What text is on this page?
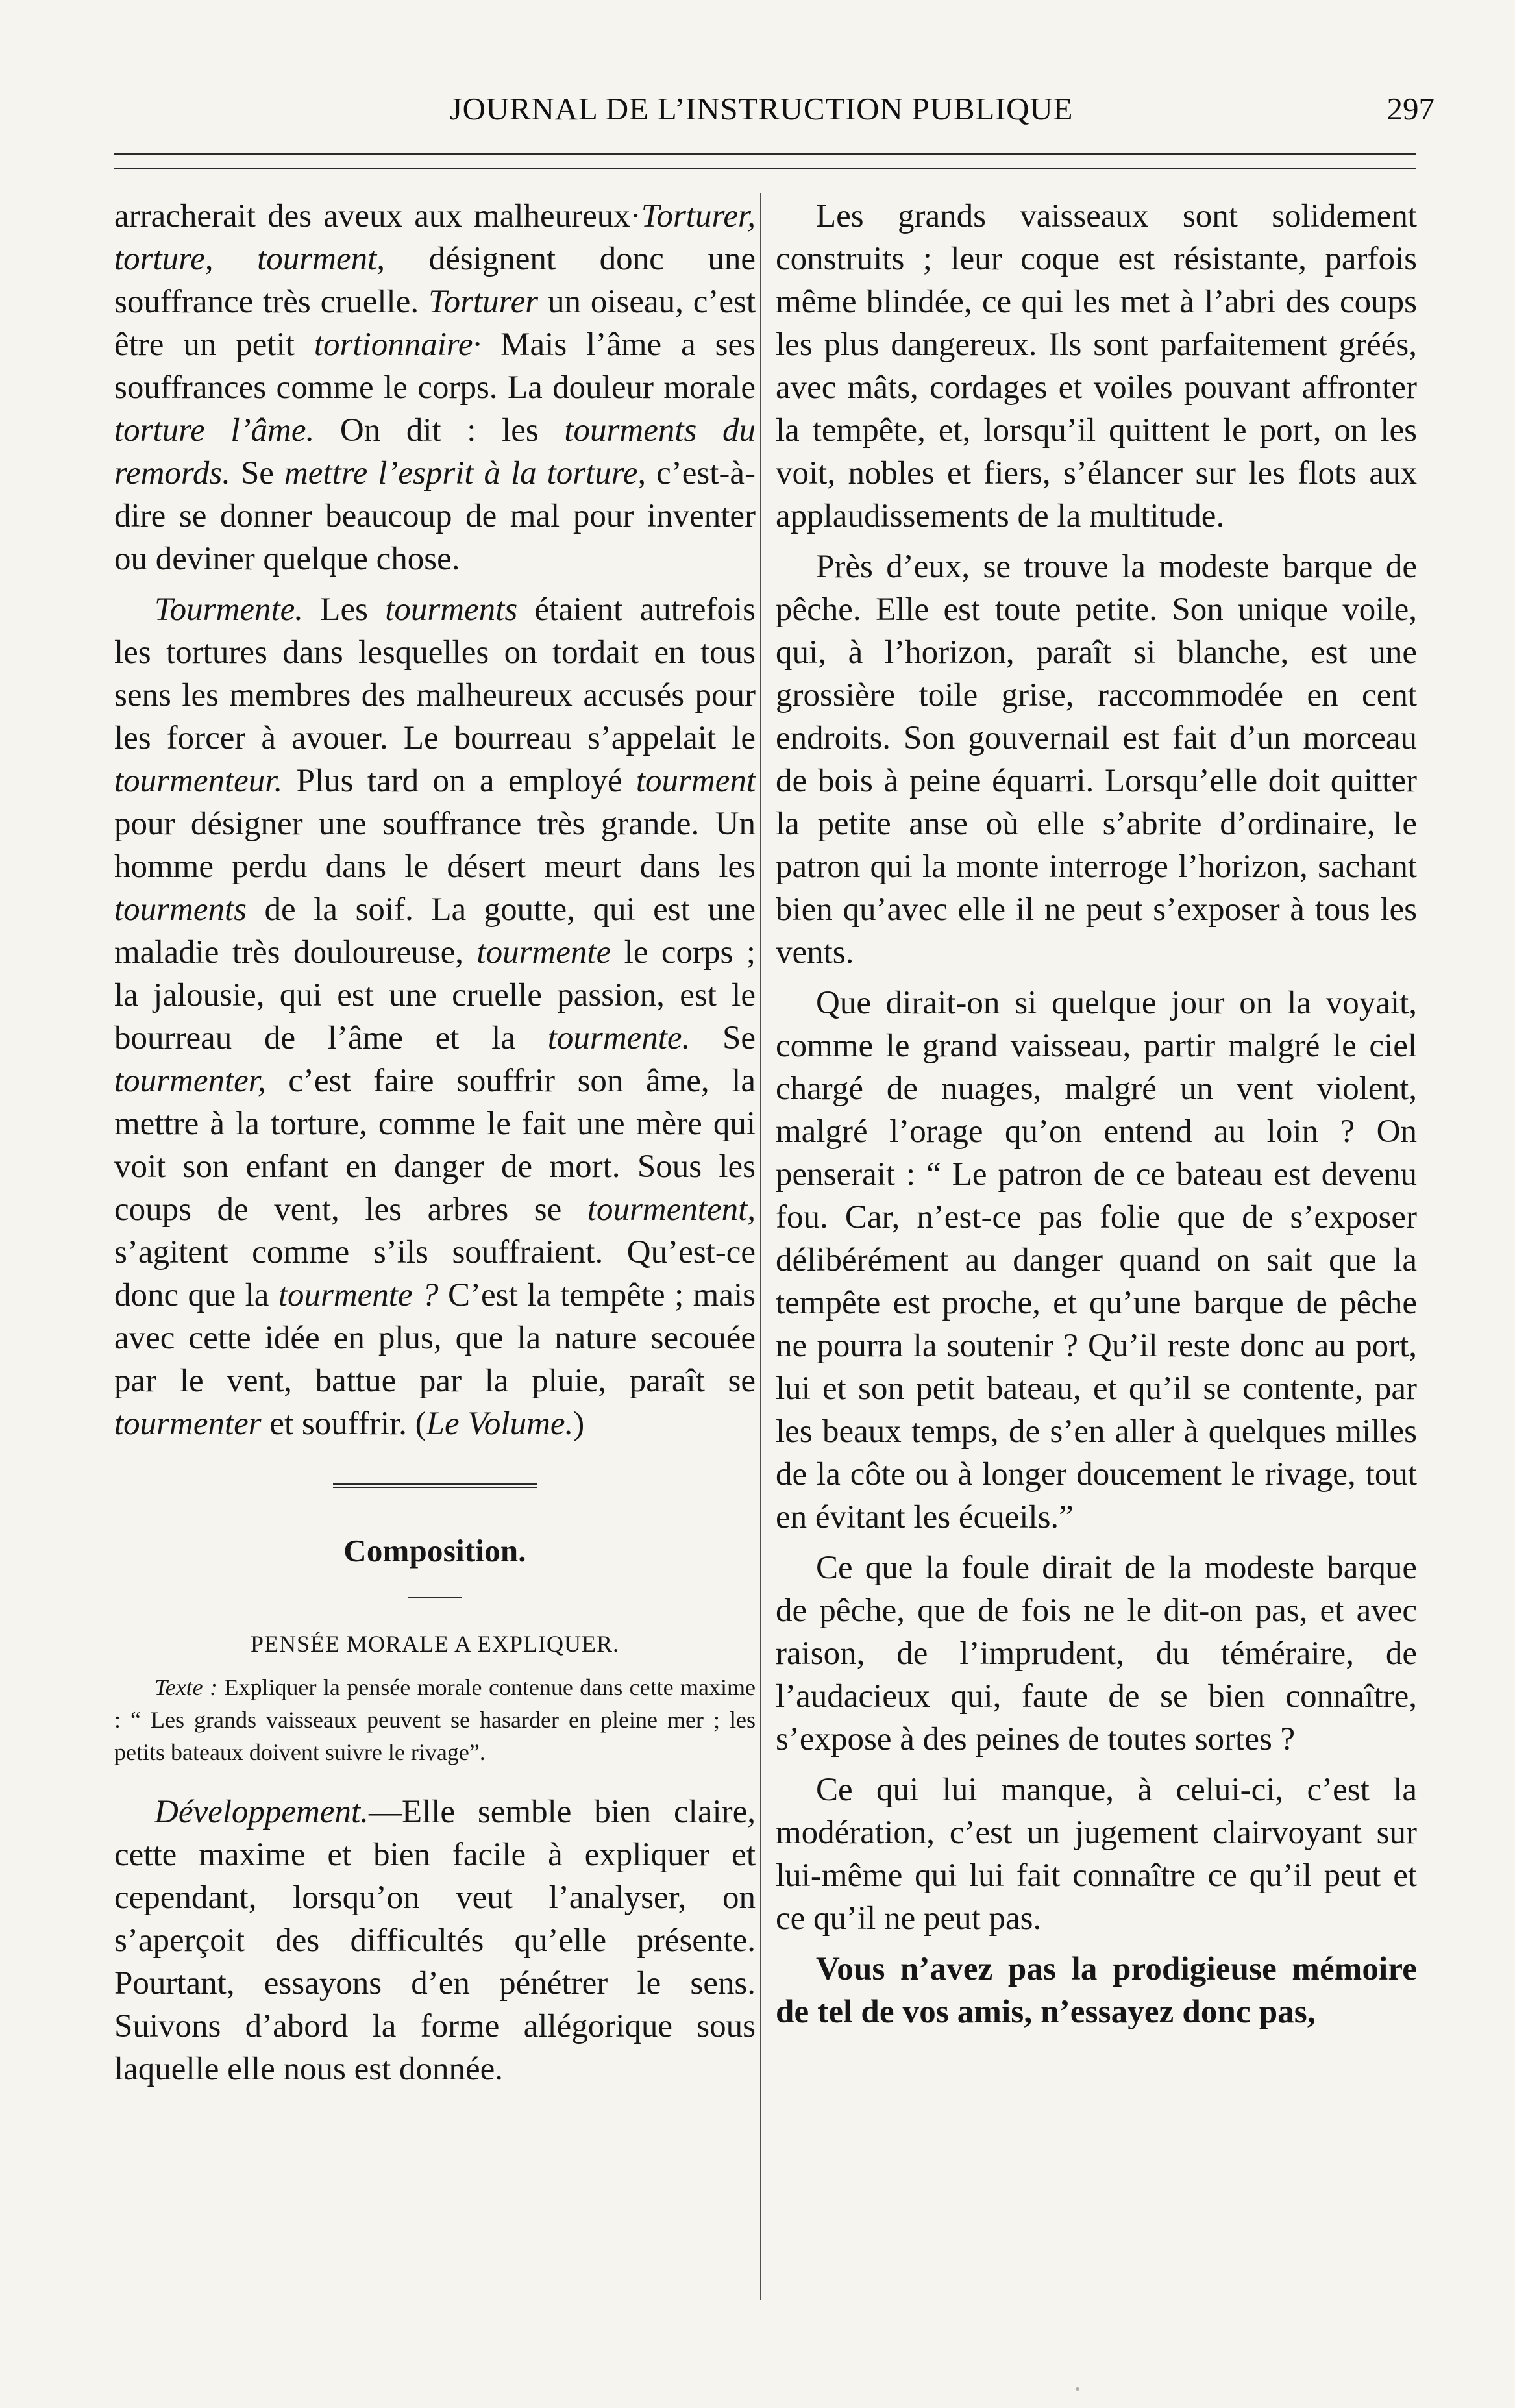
JOURNAL DE L’INSTRUCTION PUBLIQUE	297

arracherait des aveux aux malheureux·Torturer, torture, tourment, désignent donc une souffrance très cruelle. Torturer un oiseau, c’est être un petit tortionnaire· Mais l’âme a ses souffrances comme le corps. La douleur morale torture l’âme. On dit : les tourments du remords. Se mettre l’esprit à la torture, c’est-à-dire se donner beaucoup de mal pour inventer ou deviner quelque chose.

Tourmente. Les tourments étaient autrefois les tortures dans lesquelles on tordait en tous sens les membres des malheureux accusés pour les forcer à avouer. Le bourreau s’appelait le tourmenteur. Plus tard on a employé tourment pour désigner une souffrance très grande. Un homme perdu dans le désert meurt dans les tourments de la soif. La goutte, qui est une maladie très douloureuse, tourmente le corps ; la jalousie, qui est une cruelle passion, est le bourreau de l’âme et la tourmente. Se tourmenter, c’est faire souffrir son âme, la mettre à la torture, comme le fait une mère qui voit son enfant en danger de mort. Sous les coups de vent, les arbres se tourmentent, s’agitent comme s’ils souffraient. Qu’est-ce donc que la tourmente ? C’est la tempête ; mais avec cette idée en plus, que la nature secouée par le vent, battue par la pluie, paraît se tourmenter et souffrir. (Le Volume.)

Composition.
PENSÉE MORALE A EXPLIQUER.

Texte : Expliquer la pensée morale contenue dans cette maxime : “ Les grands vaisseaux peuvent se hasarder en pleine mer ; les petits bateaux doivent suivre le rivage”.

Développement.—Elle semble bien claire, cette maxime et bien facile à expliquer et cependant, lorsqu’on veut l’analyser, on s’aperçoit des difficultés qu’elle présente. Pourtant, essayons d’en pénétrer le sens. Suivons d’abord la forme allégorique sous laquelle elle nous est donnée.

Les grands vaisseaux sont solidement construits ; leur coque est résistante, parfois même blindée, ce qui les met à l’abri des coups les plus dangereux. Ils sont parfaitement gréés, avec mâts, cordages et voiles pouvant affronter la tempête, et, lorsqu’il quittent le port, on les voit, nobles et fiers, s’élancer sur les flots aux applaudissements de la multitude.

Près d’eux, se trouve la modeste barque de pêche. Elle est toute petite. Son unique voile, qui, à l’horizon, paraît si blanche, est une grossière toile grise, raccommodée en cent endroits. Son gouvernail est fait d’un morceau de bois à peine équarri. Lorsqu’elle doit quitter la petite anse où elle s’abrite d’ordinaire, le patron qui la monte interroge l’horizon, sachant bien qu’avec elle il ne peut s’exposer à tous les vents.

Que dirait-on si quelque jour on la voyait, comme le grand vaisseau, partir malgré le ciel chargé de nuages, malgré un vent violent, malgré l’orage qu’on entend au loin ? On penserait : “ Le patron de ce bateau est devenu fou. Car, n’est-ce pas folie que de s’exposer délibérément au danger quand on sait que la tempête est proche, et qu’une barque de pêche ne pourra la soutenir ? Qu’il reste donc au port, lui et son petit bateau, et qu’il se contente, par les beaux temps, de s’en aller à quelques milles de la côte ou à longer doucement le rivage, tout en évitant les écueils.”

Ce que la foule dirait de la modeste barque de pêche, que de fois ne le dit-on pas, et avec raison, de l’imprudent, du téméraire, de l’audacieux qui, faute de se bien connaître, s’expose à des peines de toutes sortes ?

Ce qui lui manque, à celui-ci, c’est la modération, c’est un jugement clairvoyant sur lui-même qui lui fait connaître ce qu’il peut et ce qu’il ne peut pas.

Vous n’avez pas la prodigieuse mémoire de tel de vos amis, n’essayez donc pas,
